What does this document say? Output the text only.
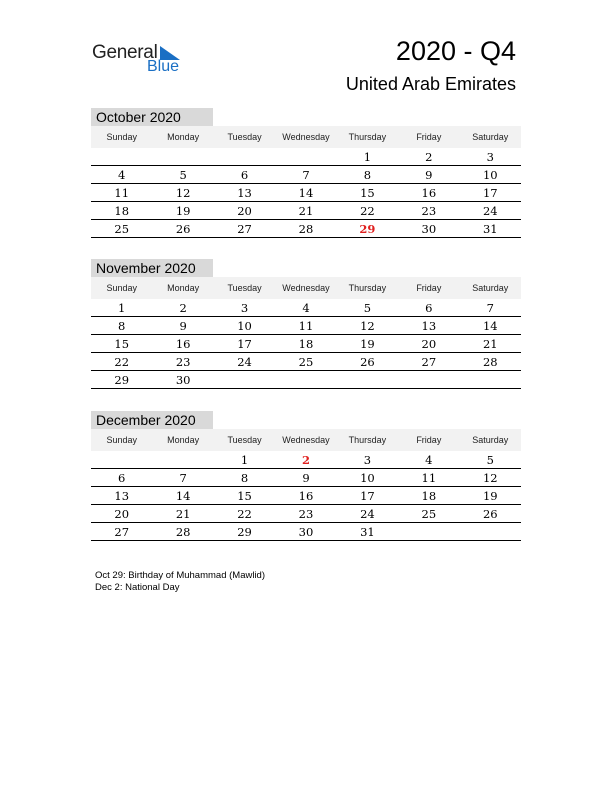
General
Blue
2020 - Q4
United Arab Emirates
October 2020
Sunday	Monday	Tuesday	Wednesday	Thursday	Friday	Saturday
				1	2	3
4	5	6	7	8	9	10
11	12	13	14	15	16	17
18	19	20	21	22	23	24
25	26	27	28	29	30	31
November 2020
Sunday	Monday	Tuesday	Wednesday	Thursday	Friday	Saturday
1	2	3	4	5	6	7
8	9	10	11	12	13	14
15	16	17	18	19	20	21
22	23	24	25	26	27	28
29	30					
December 2020
Sunday	Monday	Tuesday	Wednesday	Thursday	Friday	Saturday
		1	2	3	4	5
6	7	8	9	10	11	12
13	14	15	16	17	18	19
20	21	22	23	24	25	26
27	28	29	30	31		
Oct 29: Birthday of Muhammad (Mawlid)
Dec 2: National Day
